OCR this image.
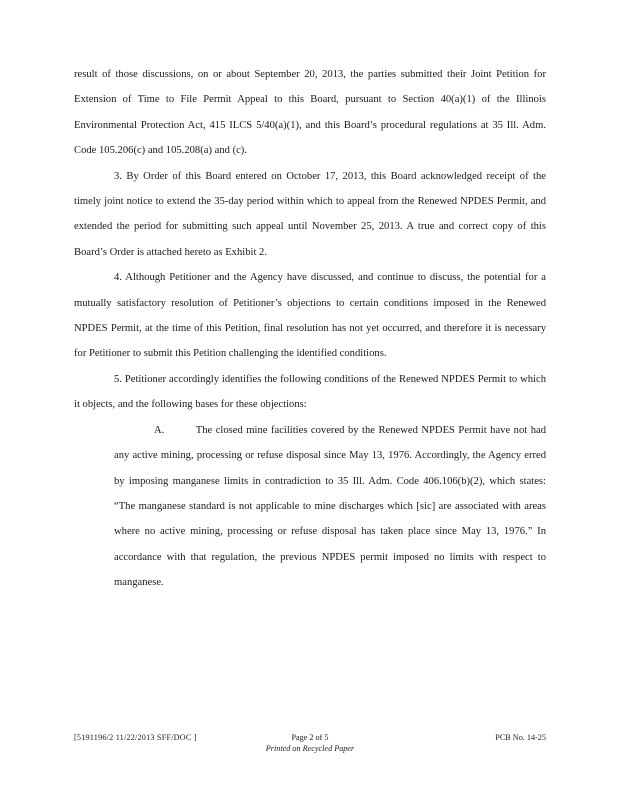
result of those discussions, on or about September 20, 2013, the parties submitted their Joint Petition for Extension of Time to File Permit Appeal to this Board, pursuant to Section 40(a)(1) of the Illinois Environmental Protection Act, 415 ILCS 5/40(a)(1), and this Board’s procedural regulations at 35 Ill. Adm. Code 105.206(c) and 105.208(a) and (c).

3. By Order of this Board entered on October 17, 2013, this Board acknowledged receipt of the timely joint notice to extend the 35-day period within which to appeal from the Renewed NPDES Permit, and extended the period for submitting such appeal until November 25, 2013. A true and correct copy of this Board’s Order is attached hereto as Exhibit 2.

4. Although Petitioner and the Agency have discussed, and continue to discuss, the potential for a mutually satisfactory resolution of Petitioner’s objections to certain conditions imposed in the Renewed NPDES Permit, at the time of this Petition, final resolution has not yet occurred, and therefore it is necessary for Petitioner to submit this Petition challenging the identified conditions.

5. Petitioner accordingly identifies the following conditions of the Renewed NPDES Permit to which it objects, and the following bases for these objections:

A.	The closed mine facilities covered by the Renewed NPDES Permit have not had any active mining, processing or refuse disposal since May 13, 1976. Accordingly, the Agency erred by imposing manganese limits in contradiction to 35 Ill. Adm. Code 406.106(b)(2), which states: “The manganese standard is not applicable to mine discharges which [sic] are associated with areas where no active mining, processing or refuse disposal has taken place since May 13, 1976.” In accordance with that regulation, the previous NPDES permit imposed no limits with respect to manganese.

[5191196/2 11/22/2013 SFF/DOC ]	Page 2 of 5
Printed on Recycled Paper
PCB No. 14-25
